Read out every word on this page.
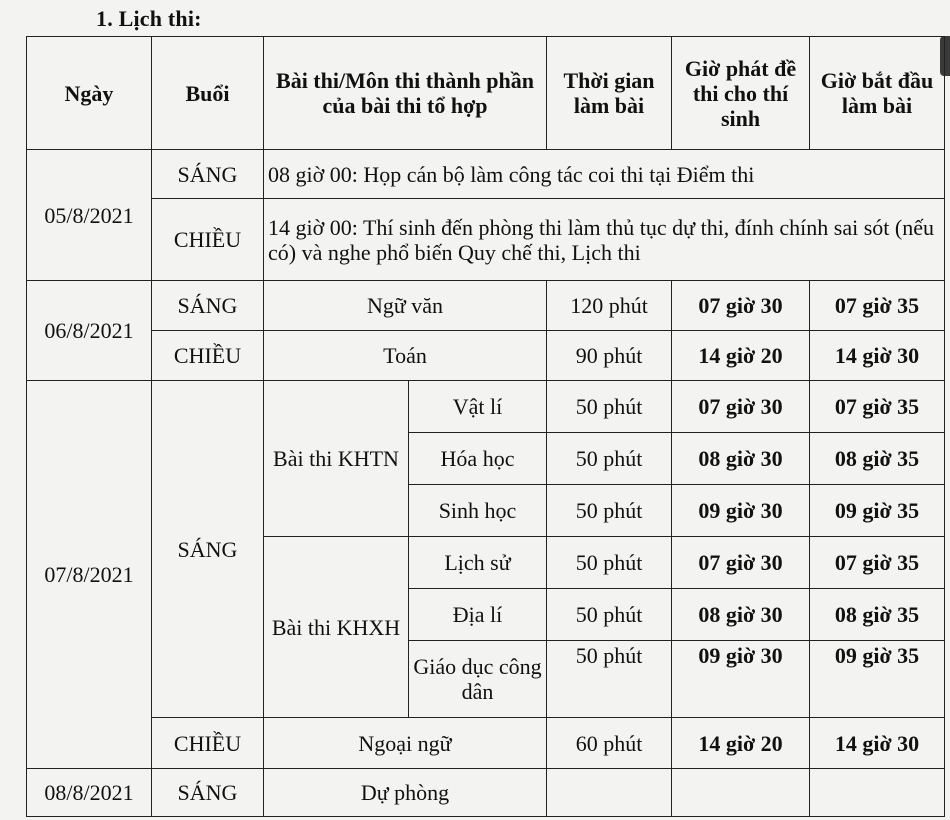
1. Lịch thi:
Ngày	Buổi	Bài thi/Môn thi thành phần của bài thi tổ hợp		Thời gian làm bài	Giờ phát đề thi cho thí sinh	Giờ bắt đầu làm bài
05/8/2021	SÁNG	08 giờ 00: Họp cán bộ làm công tác coi thi tại Điểm thi				
	CHIỀU	14 giờ 00: Thí sinh đến phòng thi làm thủ tục dự thi, đính chính sai sót (nếu có) và nghe phổ biến Quy chế thi, Lịch thi				
06/8/2021	SÁNG	Ngữ văn		120 phút	07 giờ 30	07 giờ 35
	CHIỀU	Toán		90 phút	14 giờ 20	14 giờ 30
07/8/2021	SÁNG	Bài thi KHTN	Vật lí	50 phút	07 giờ 30	07 giờ 35
			Hóa học	50 phút	08 giờ 30	08 giờ 35
			Sinh học	50 phút	09 giờ 30	09 giờ 35
		Bài thi KHXH	Lịch sử	50 phút	07 giờ 30	07 giờ 35
			Địa lí	50 phút	08 giờ 30	08 giờ 35
			Giáo dục công dân	50 phút	09 giờ 30	09 giờ 35
	CHIỀU	Ngoại ngữ		60 phút	14 giờ 20	14 giờ 30
08/8/2021	SÁNG	Dự phòng				
